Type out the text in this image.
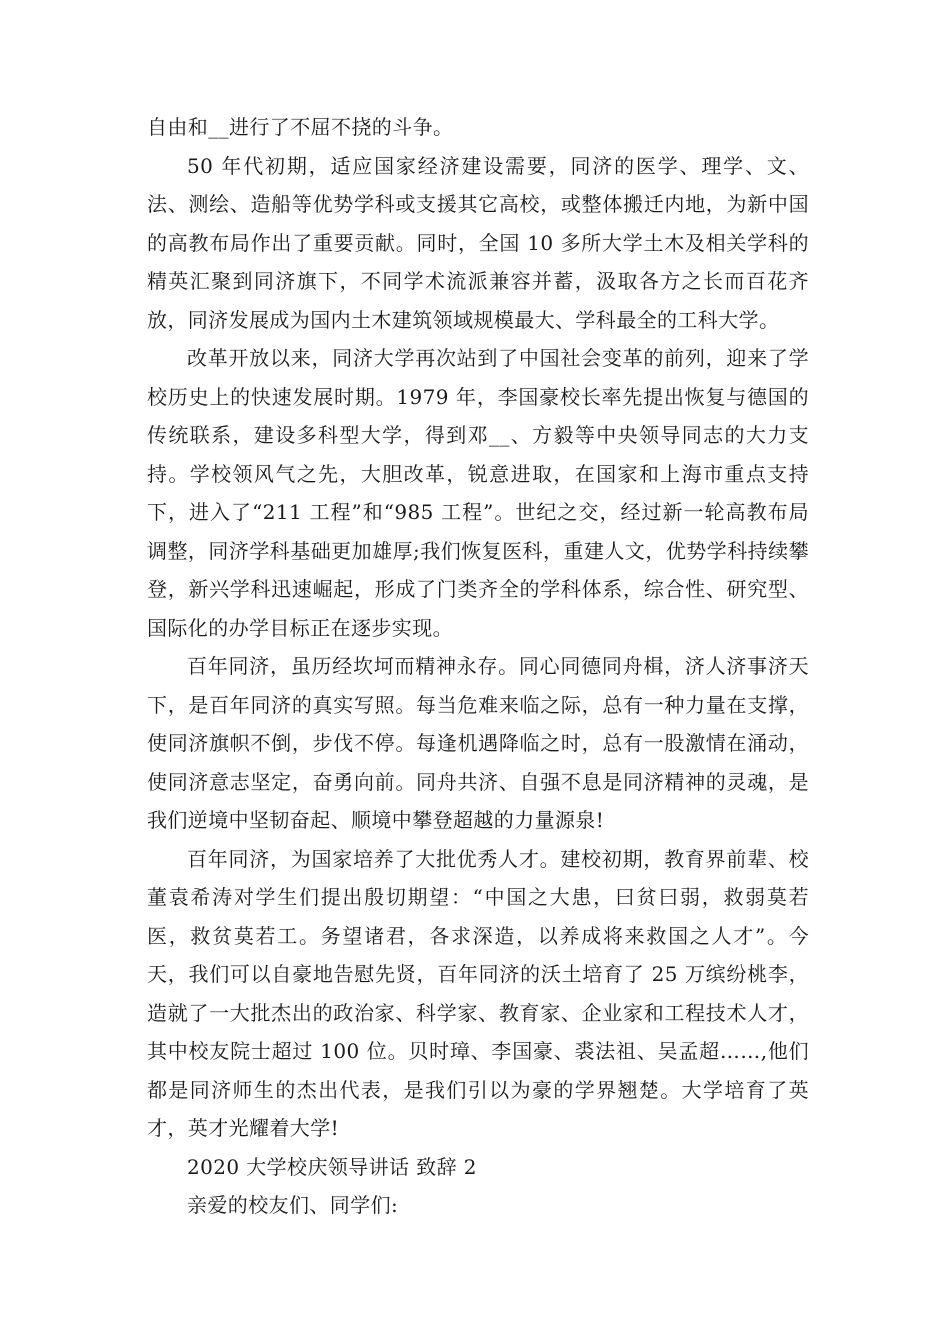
自由和__进行了不屈不挠的斗争。

50 年代初期，适应国家经济建设需要，同济的医学、理学、文、法、测绘、造船等优势学科或支援其它高校，或整体搬迁内地，为新中国的高教布局作出了重要贡献。同时，全国 10 多所大学土木及相关学科的精英汇聚到同济旗下，不同学术流派兼容并蓄，汲取各方之长而百花齐放，同济发展成为国内土木建筑领域规模最大、学科最全的工科大学。

改革开放以来，同济大学再次站到了中国社会变革的前列，迎来了学校历史上的快速发展时期。1979 年，李国豪校长率先提出恢复与德国的传统联系，建设多科型大学，得到邓__、方毅等中央领导同志的大力支持。学校领风气之先，大胆改革，锐意进取，在国家和上海市重点支持下，进入了“211 工程”和“985 工程”。世纪之交，经过新一轮高教布局调整，同济学科基础更加雄厚;我们恢复医科，重建人文，优势学科持续攀登，新兴学科迅速崛起，形成了门类齐全的学科体系，综合性、研究型、国际化的办学目标正在逐步实现。

百年同济，虽历经坎坷而精神永存。同心同德同舟楫，济人济事济天下，是百年同济的真实写照。每当危难来临之际，总有一种力量在支撑，使同济旗帜不倒，步伐不停。每逢机遇降临之时，总有一股激情在涌动，使同济意志坚定，奋勇向前。同舟共济、自强不息是同济精神的灵魂，是我们逆境中坚韧奋起、顺境中攀登超越的力量源泉!

百年同济，为国家培养了大批优秀人才。建校初期，教育界前辈、校董袁希涛对学生们提出殷切期望：“中国之大患，曰贫曰弱，救弱莫若医，救贫莫若工。务望诸君，各求深造，以养成将来救国之人才”。今天，我们可以自豪地告慰先贤，百年同济的沃土培育了 25 万缤纷桃李，造就了一大批杰出的政治家、科学家、教育家、企业家和工程技术人才，其中校友院士超过 100 位。贝时璋、李国豪、裘法祖、吴孟超……,他们都是同济师生的杰出代表，是我们引以为豪的学界翘楚。大学培育了英才，英才光耀着大学!

2020 大学校庆领导讲话 致辞 2

亲爱的校友们、同学们:
